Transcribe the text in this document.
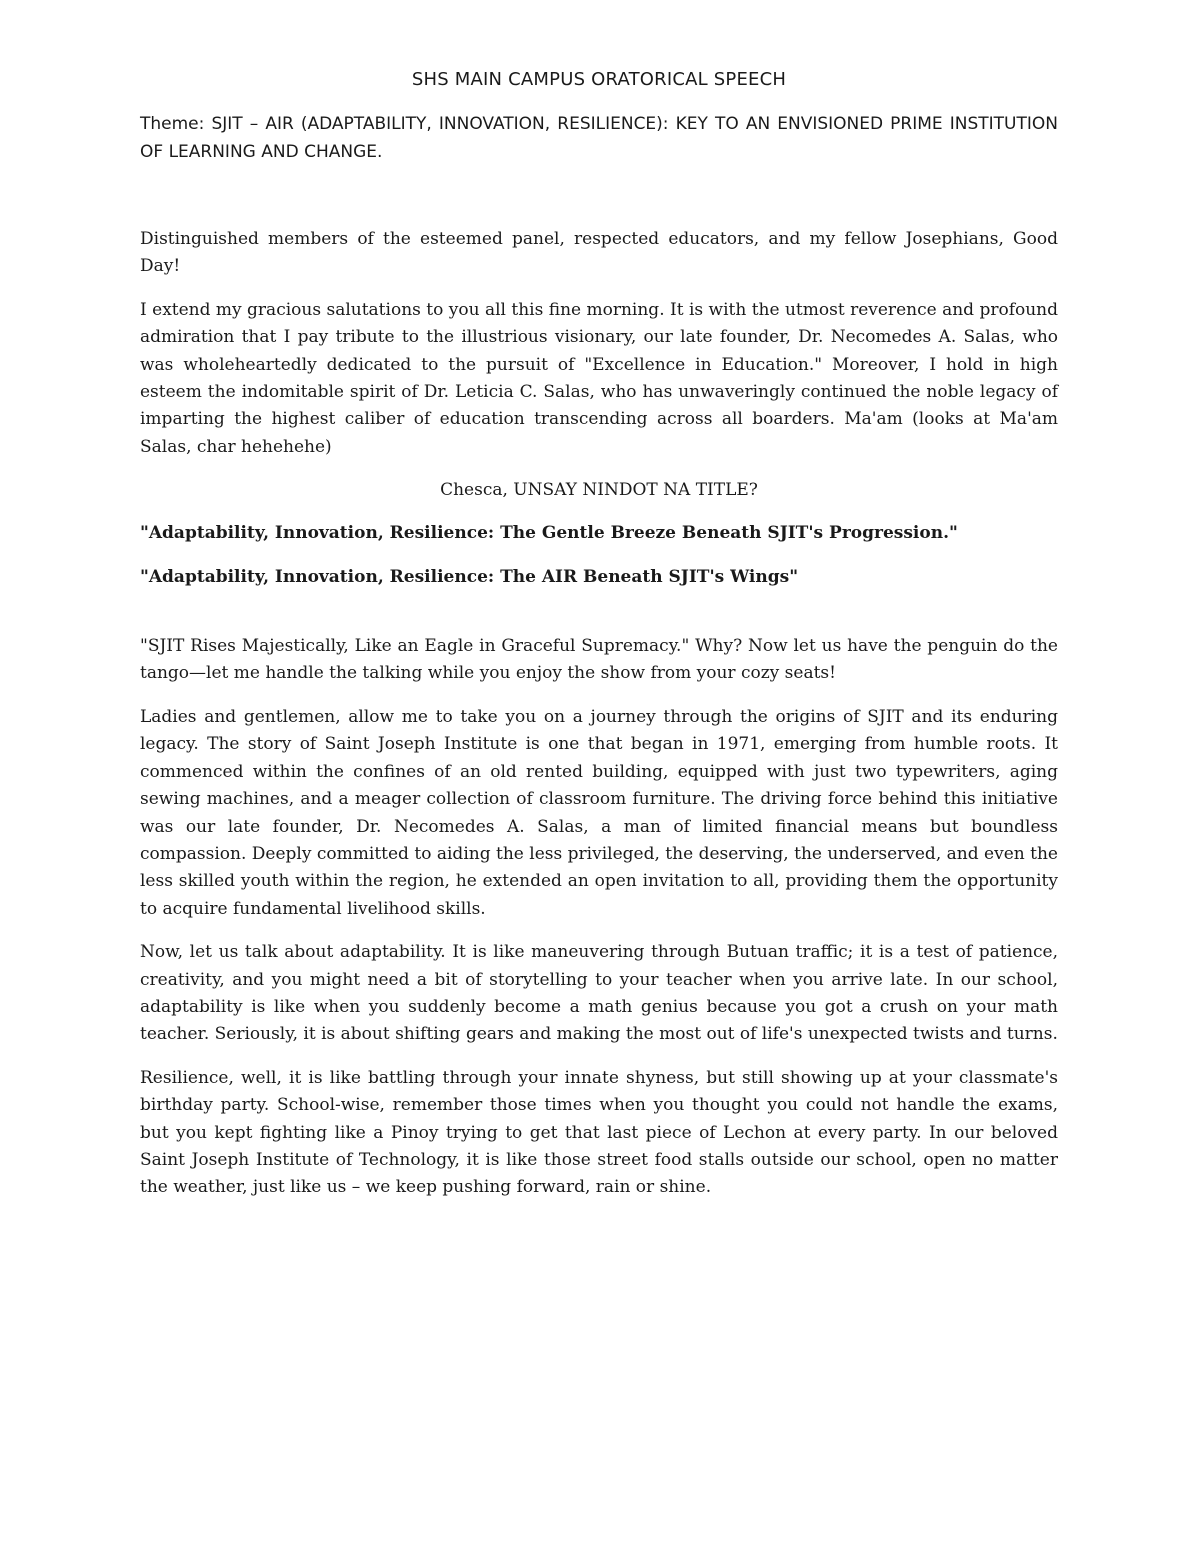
SHS MAIN CAMPUS ORATORICAL SPEECH
Theme: SJIT – AIR (ADAPTABILITY, INNOVATION, RESILIENCE): KEY TO AN ENVISIONED PRIME INSTITUTION OF LEARNING AND CHANGE.

Distinguished members of the esteemed panel, respected educators, and my fellow Josephians, Good Day!

I extend my gracious salutations to you all this fine morning. It is with the utmost reverence and profound admiration that I pay tribute to the illustrious visionary, our late founder, Dr. Necomedes A. Salas, who was wholeheartedly dedicated to the pursuit of "Excellence in Education." Moreover, I hold in high esteem the indomitable spirit of Dr. Leticia C. Salas, who has unwaveringly continued the noble legacy of imparting the highest caliber of education transcending across all boarders. Ma'am (looks at Ma'am Salas, char hehehehe)

Chesca, UNSAY NINDOT NA TITLE?
"Adaptability, Innovation, Resilience: The Gentle Breeze Beneath SJIT's Progression."
"Adaptability, Innovation, Resilience: The AIR Beneath SJIT's Wings"

"SJIT Rises Majestically, Like an Eagle in Graceful Supremacy." Why? Now let us have the penguin do the tango—let me handle the talking while you enjoy the show from your cozy seats!

Ladies and gentlemen, allow me to take you on a journey through the origins of SJIT and its enduring legacy. The story of Saint Joseph Institute is one that began in 1971, emerging from humble roots. It commenced within the confines of an old rented building, equipped with just two typewriters, aging sewing machines, and a meager collection of classroom furniture. The driving force behind this initiative was our late founder, Dr. Necomedes A. Salas, a man of limited financial means but boundless compassion. Deeply committed to aiding the less privileged, the deserving, the underserved, and even the less skilled youth within the region, he extended an open invitation to all, providing them the opportunity to acquire fundamental livelihood skills.

Now, let us talk about adaptability. It is like maneuvering through Butuan traffic; it is a test of patience, creativity, and you might need a bit of storytelling to your teacher when you arrive late. In our school, adaptability is like when you suddenly become a math genius because you got a crush on your math teacher. Seriously, it is about shifting gears and making the most out of life's unexpected twists and turns.

Resilience, well, it is like battling through your innate shyness, but still showing up at your classmate's birthday party. School-wise, remember those times when you thought you could not handle the exams, but you kept fighting like a Pinoy trying to get that last piece of Lechon at every party. In our beloved Saint Joseph Institute of Technology, it is like those street food stalls outside our school, open no matter the weather, just like us – we keep pushing forward, rain or shine.
